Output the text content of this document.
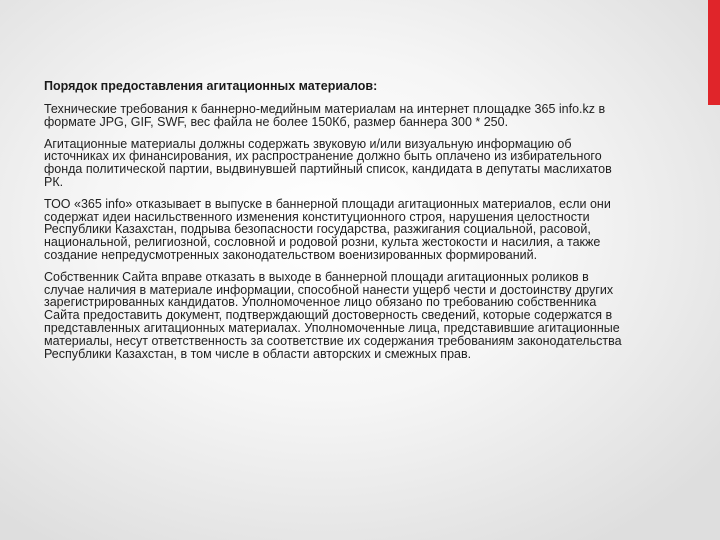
Порядок предоставления агитационных материалов:

Технические требования к баннерно-медийным материалам на интернет площадке 365 info.kz в формате JPG, GIF, SWF, вес файла не более 150Кб, размер баннера 300 * 250.

Агитационные материалы должны содержать звуковую и/или визуальную информацию об источниках их финансирования, их распространение должно быть оплачено из избирательного фонда политической партии, выдвинувшей партийный список, кандидата в депутаты маслихатов РК.

ТОО «365 info» отказывает в выпуске в баннерной площади агитационных материалов, если они содержат идеи насильственного изменения конституционного строя, нарушения целостности Республики Казахстан, подрыва безопасности государства, разжигания социальной, расовой, национальной, религиозной, сословной и родовой розни, культа жестокости и насилия, а также создание непредусмотренных законодательством военизированных формирований.

Собственник Сайта вправе отказать в выходе в баннерной площади агитационных роликов в случае наличия в материале информации, способной нанести ущерб чести и достоинству других зарегистрированных кандидатов. Уполномоченное лицо обязано по требованию собственника Сайта предоставить документ, подтверждающий достоверность сведений, которые содержатся в представленных агитационных материалах. Уполномоченные лица, представившие агитационные материалы, несут ответственность за соответствие их содержания требованиям законодательства Республики Казахстан, в том числе в области авторских и смежных прав.
